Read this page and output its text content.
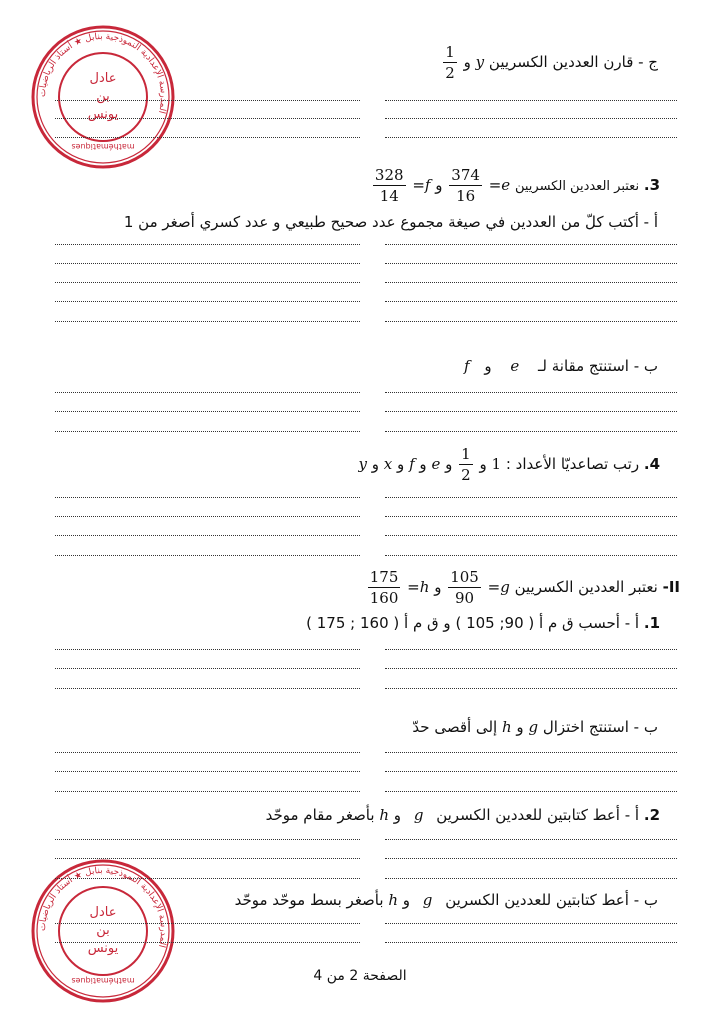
المدرسة الإعدادية النموذجية بنابل ★ أستاذ الرياضيات
عادل
بن
يونس
mathématiques
المدرسة الإعدادية النموذجية بنابل ★ أستاذ الرياضيات
عادل
بن
يونس
mathématiques
ج - قارن العددين الكسريين y و
$\frac{1}{2}$
3. نعتبر العددين الكسريين e=
$\frac{374}{16}$
و f=
$\frac{328}{14}$
أ - أكتب كلّ من العددين في صيغة مجموع عدد صحيح طبيعي و عدد كسري أصغر من 1
ب - استنتج مقانة لـ e و f
4. رتب تصاعديّا الأعداد : 1 و
$\frac{1}{2}$
و e و f و x و y
II- نعتبر العددين الكسريين g=
$\frac{105}{90}$
و h=
$\frac{175}{160}$
1. أ - أحسب ق م أ ( 90; 105 ) و ق م أ ( 160 ; 175 )
ب - استنتج اختزال g و h إلى أقصى حدّ
2. أ - أعط كتابتين للعددين الكسرين g و h بأصغر مقام موحّد
ب - أعط كتابتين للعددين الكسرين g و h بأصغر بسط موحّد موحّد
الصفحة 2 من 4
